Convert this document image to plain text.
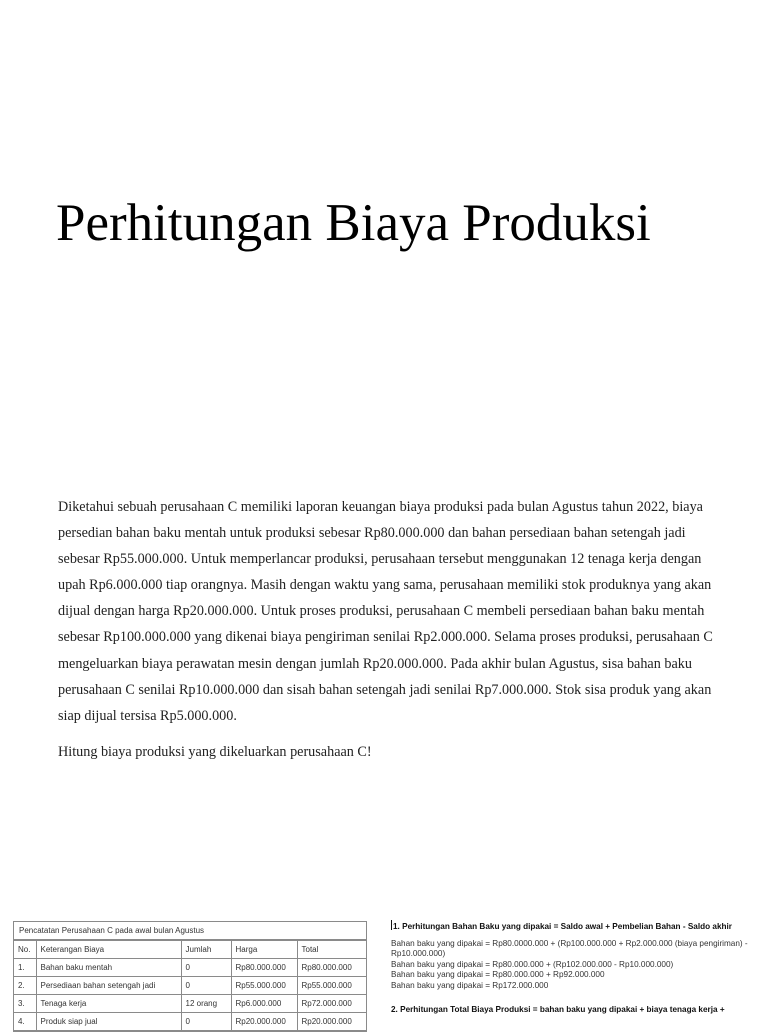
Perhitungan Biaya Produksi

Diketahui sebuah perusahaan C memiliki laporan keuangan biaya produksi pada bulan Agustus tahun 2022, biaya persedian bahan baku mentah untuk produksi sebesar Rp80.000.000 dan bahan persediaan bahan setengah jadi sebesar Rp55.000.000. Untuk memperlancar produksi, perusahaan tersebut menggunakan 12 tenaga kerja dengan upah Rp6.000.000 tiap orangnya. Masih dengan waktu yang sama, perusahaan memiliki stok produknya yang akan dijual dengan harga Rp20.000.000. Untuk proses produksi, perusahaan C membeli persediaan bahan baku mentah sebesar Rp100.000.000 yang dikenai biaya pengiriman senilai Rp2.000.000. Selama proses produksi, perusahaan C mengeluarkan biaya perawatan mesin dengan jumlah Rp20.000.000. Pada akhir bulan Agustus, sisa bahan baku perusahaan C senilai Rp10.000.000 dan sisah bahan setengah jadi senilai Rp7.000.000. Stok sisa produk yang akan siap dijual tersisa Rp5.000.000.

Hitung biaya produksi yang dikeluarkan perusahaan C!

Pencatatan Perusahaan C pada awal bulan Agustus
No.	Keterangan Biaya	Jumlah	Harga	Total
1.	Bahan baku mentah	0	Rp80.000.000	Rp80.000.000
2.	Persediaan bahan setengah jadi	0	Rp55.000.000	Rp55.000.000
3.	Tenaga kerja	12 orang	Rp6.000.000	Rp72.000.000
4.	Produk siap jual	0	Rp20.000.000	Rp20.000.000
1. Perhitungan Bahan Baku yang dipakai = Saldo awal + Pembelian Bahan - Saldo akhir
Bahan baku yang dipakai = Rp80.0000.000 + (Rp100.000.000 + Rp2.000.000 (biaya pengiriman) - Rp10.000.000)
Bahan baku yang dipakai = Rp80.000.000 + (Rp102.000.000 - Rp10.000.000)
Bahan baku yang dipakai = Rp80.000.000 + Rp92.000.000
Bahan baku yang dipakai = Rp172.000.000
2. Perhitungan Total Biaya Produksi = bahan baku yang dipakai + biaya tenaga kerja +
